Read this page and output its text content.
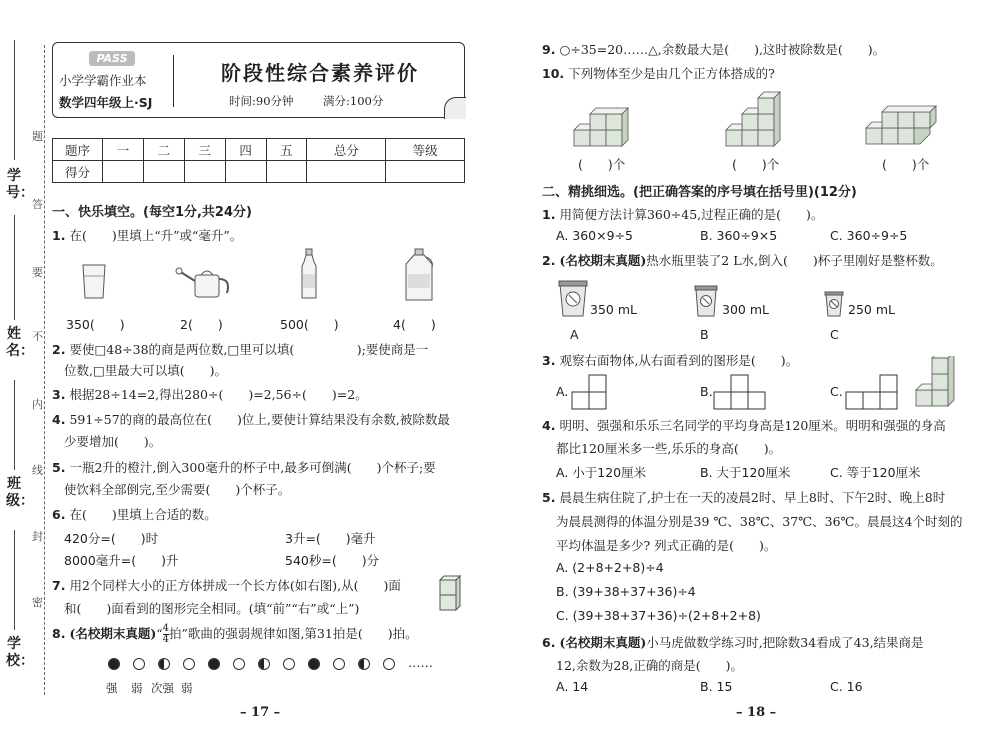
学号：
姓名：
班级：
学校：
题
答
要
不
内
线
封
密
PASS
小学学霸作业本
数学四年级上·SJ
阶段性综合素养评价
时间:90分钟	满分:100分
题序	一	二	三	四	五	总分	等级
得分							
一、快乐填空。(每空1分,共24分)
1. 在(　　)里填上“升”或“毫升”。
350(　　)	2(　　)	500(　　)	4(　　)
2. 要使□48÷38的商是两位数,□里可以填(　　　　　);要使商是一
位数,□里最大可以填(　　)。
3. 根据28÷14=2,得出280÷(　　)=2,56÷(　　)=2。
4. 591÷57的商的最高位在(　　)位上,要使计算结果没有余数,被除数最
少要增加(　　)。
5. 一瓶2升的橙汁,倒入300毫升的杯子中,最多可倒满(　　)个杯子;要
使饮料全部倒完,至少需要(　　)个杯子。
6. 在(　　)里填上合适的数。
420分=(　　)时	3升=(　　)毫升
8000毫升=(　　)升	540秒=(　　)分
7. 用2个同样大小的正方体拼成一个长方体(如右图),从(　　)面
和(　　)面看到的图形完全相同。(填“前”“右”或“上”)
8. (名校期末真题)“ $\frac{4}{4}$ 拍”歌曲的强弱规律如图,第31拍是(　　)拍。
……
强 弱 次强 弱
– 17 –
9. ○÷35=20……△,余数最大是(　　),这时被除数是(　　)。
10. 下列物体至少是由几个正方体搭成的?
(　　)个	(　　)个	(　　)个
二、精挑细选。(把正确答案的序号填在括号里)(12分)
1. 用简便方法计算360÷45,过程正确的是(　　)。
A. 360×9÷5	B. 360÷9×5	C. 360÷9÷5
2. (名校期末真题)热水瓶里装了2 L水,倒入(　　)杯子里刚好是整杯数。
350 mL	300 mL	250 mL
A	B	C
3. 观察右面物体,从右面看到的图形是(　　)。
A.	B.	C.
4. 明明、强强和乐乐三名同学的平均身高是120厘米。明明和强强的身高
都比120厘米多一些,乐乐的身高(　　)。
A. 小于120厘米	B. 大于120厘米	C. 等于120厘米
5. 晨晨生病住院了,护士在一天的凌晨2时、早上8时、下午2时、晚上8时
为晨晨测得的体温分别是39 ℃、38℃、37℃、36℃。晨晨这4个时刻的
平均体温是多少? 列式正确的是(　　)。
A. (2+8+2+8)÷4
B. (39+38+37+36)÷4
C. (39+38+37+36)÷(2+8+2+8)
6. (名校期末真题)小马虎做数学练习时,把除数34看成了43,结果商是
12,余数为28,正确的商是(　　)。
A. 14	B. 15	C. 16
– 18 –
